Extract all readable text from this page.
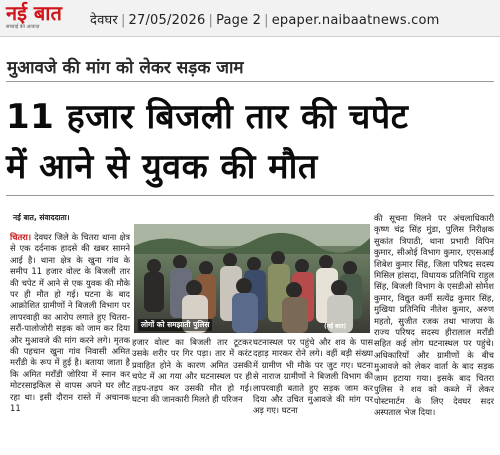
नई बात
सच्चाई की आवाज़	देवघर | 27/05/2026 | Page 2 | epaper.naibaatnews.com
मुआवजे की मांग को लेकर सड़क जाम
11 हजार बिजली तार की चपेट
में आने से युवक की मौत
नई बात, संवाददाता।
चितरा। देवघर जिले के चितरा थाना क्षेत्र से एक दर्दनाक हादसे की खबर सामने आई है। थाना क्षेत्र के खुना गांव के समीप 11 हजार वोल्ट के बिजली तार की चपेट में आने से एक युवक की मौके पर ही मौत हो गई। घटना के बाद आक्रोशित ग्रामीणों ने बिजली विभाग पर लापरवाही का आरोप लगाते हुए चितरा-सरौं-पालोजोरी सड़क को जाम कर दिया और मुआवजे की मांग करने लगे। मृतक की पहचान खुना गांव निवासी अमित मराँडी के रूप में हुई है। बताया जाता है कि अमित मराँडी जोरिया में स्नान कर मोटरसाइकिल से वापस अपने घर लौट रहा था। इसी दौरान रास्ते में अचानक 11
लोगों को समझाती पुलिस	(नई बात)
हजार वोल्ट का बिजली तार टूटकर उसके शरीर पर गिर पड़ा। तार में करंट प्रवाहित होने के कारण अमित उसकी चपेट में आ गया और घटनास्थल पर ही तड़प-तड़प कर उसकी मौत हो गई। घटना की जानकारी मिलते ही परिजन
घटनास्थल पर पहुंचे और शव के पास दहाड़ मारकर रोने लगे। वहीं बड़ी संख्या में ग्रामीण भी मौके पर जुट गए। घटना से नाराज ग्रामीणों ने बिजली विभाग की लापरवाही बताते हुए सड़क जाम कर दिया और उचित मुआवजे की मांग पर अड़ गए। घटना
की सूचना मिलने पर अंचलाधिकारी कृष्ण चंद्र सिंह मुंडा, पुलिस निरीक्षक सुकांत त्रिपाठी, थाना प्रभारी विपिन कुमार, सीओई विभाग कुमार, एएसआई शिबेश कुमार सिंह, जिला परिषद सदस्य मिसिल हांसदा, विधायक प्रतिनिधि राहुल सिंह, बिजली विभाग के एसडीओ सोमेश कुमार, विद्युत कर्मी सत्येंद्र कुमार सिंह, मुखिया प्रतिनिधि नीतेश कुमार, अरुण महतो, सुजीत रजक तथा भाजपा के राज्य परिषद सदस्य हीरालाल मराँडी सहित कई लोग घटनास्थल पर पहुंचे। अधिकारियों और ग्रामीणों के बीच मुआवजे को लेकर वार्ता के बाद सड़क जाम हटाया गया। इसके बाद चितरा पुलिस ने शव को कब्जे में लेकर पोस्टमार्टम के लिए देवघर सदर अस्पताल भेज दिया।
